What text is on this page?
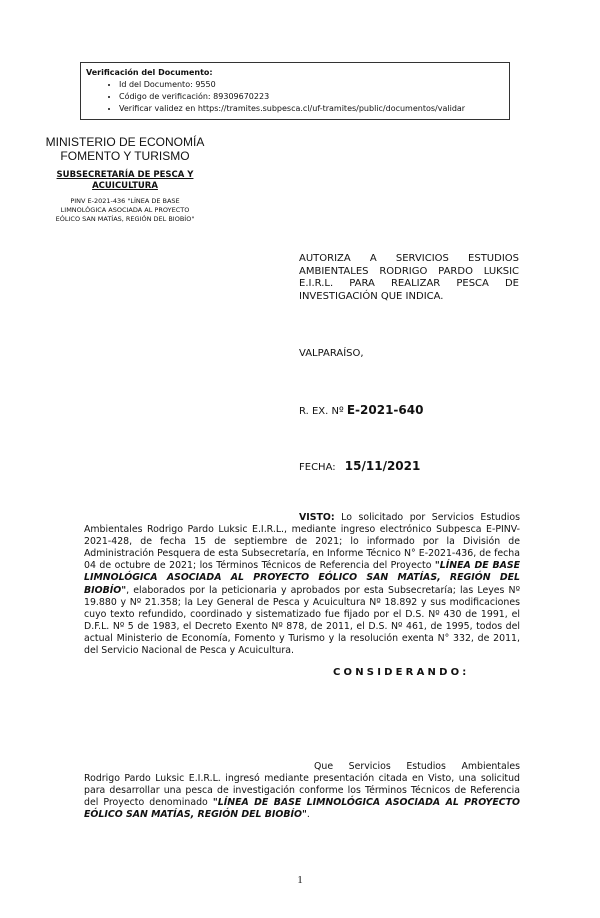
Verificación del Documento:
• Id del Documento: 9550
• Código de verificación: 89309670223
• Verificar validez en https://tramites.subpesca.cl/uf-tramites/public/documentos/validar
MINISTERIO DE ECONOMÍA
FOMENTO Y TURISMO
SUBSECRETARÍA DE PESCA Y
ACUICULTURA
PINV E-2021-436 "LÍNEA DE BASE
LIMNOLÓGICA ASOCIADA AL PROYECTO
EÓLICO SAN MATÍAS, REGIÓN DEL BIOBÍO"
AUTORIZA A SERVICIOS ESTUDIOS AMBIENTALES RODRIGO PARDO LUKSIC E.I.R.L. PARA REALIZAR PESCA DE INVESTIGACIÓN QUE INDICA.
VALPARAÍSO,
R. EX. Nº E-2021-640
FECHA: 15/11/2021
VISTO: Lo solicitado por Servicios Estudios Ambientales Rodrigo Pardo Luksic E.I.R.L., mediante ingreso electrónico Subpesca E-PINV-2021-428, de fecha 15 de septiembre de 2021; lo informado por la División de Administración Pesquera de esta Subsecretaría, en Informe Técnico N° E-2021-436, de fecha 04 de octubre de 2021; los Términos Técnicos de Referencia del Proyecto "LÍNEA DE BASE LIMNOLÓGICA ASOCIADA AL PROYECTO EÓLICO SAN MATÍAS, REGIÓN DEL BIOBÍO", elaborados por la peticionaria y aprobados por esta Subsecretaría; las Leyes Nº 19.880 y Nº 21.358; la Ley General de Pesca y Acuicultura Nº 18.892 y sus modificaciones cuyo texto refundido, coordinado y sistematizado fue fijado por el D.S. Nº 430 de 1991, el D.F.L. Nº 5 de 1983, el Decreto Exento Nº 878, de 2011, el D.S. Nº 461, de 1995, todos del actual Ministerio de Economía, Fomento y Turismo y la resolución exenta N° 332, de 2011, del Servicio Nacional de Pesca y Acuicultura.
CONSIDERANDO:
Que Servicios Estudios Ambientales Rodrigo Pardo Luksic E.I.R.L. ingresó mediante presentación citada en Visto, una solicitud para desarrollar una pesca de investigación conforme los Términos Técnicos de Referencia del Proyecto denominado "LÍNEA DE BASE LIMNOLÓGICA ASOCIADA AL PROYECTO EÓLICO SAN MATÍAS, REGIÓN DEL BIOBÍO".
1
